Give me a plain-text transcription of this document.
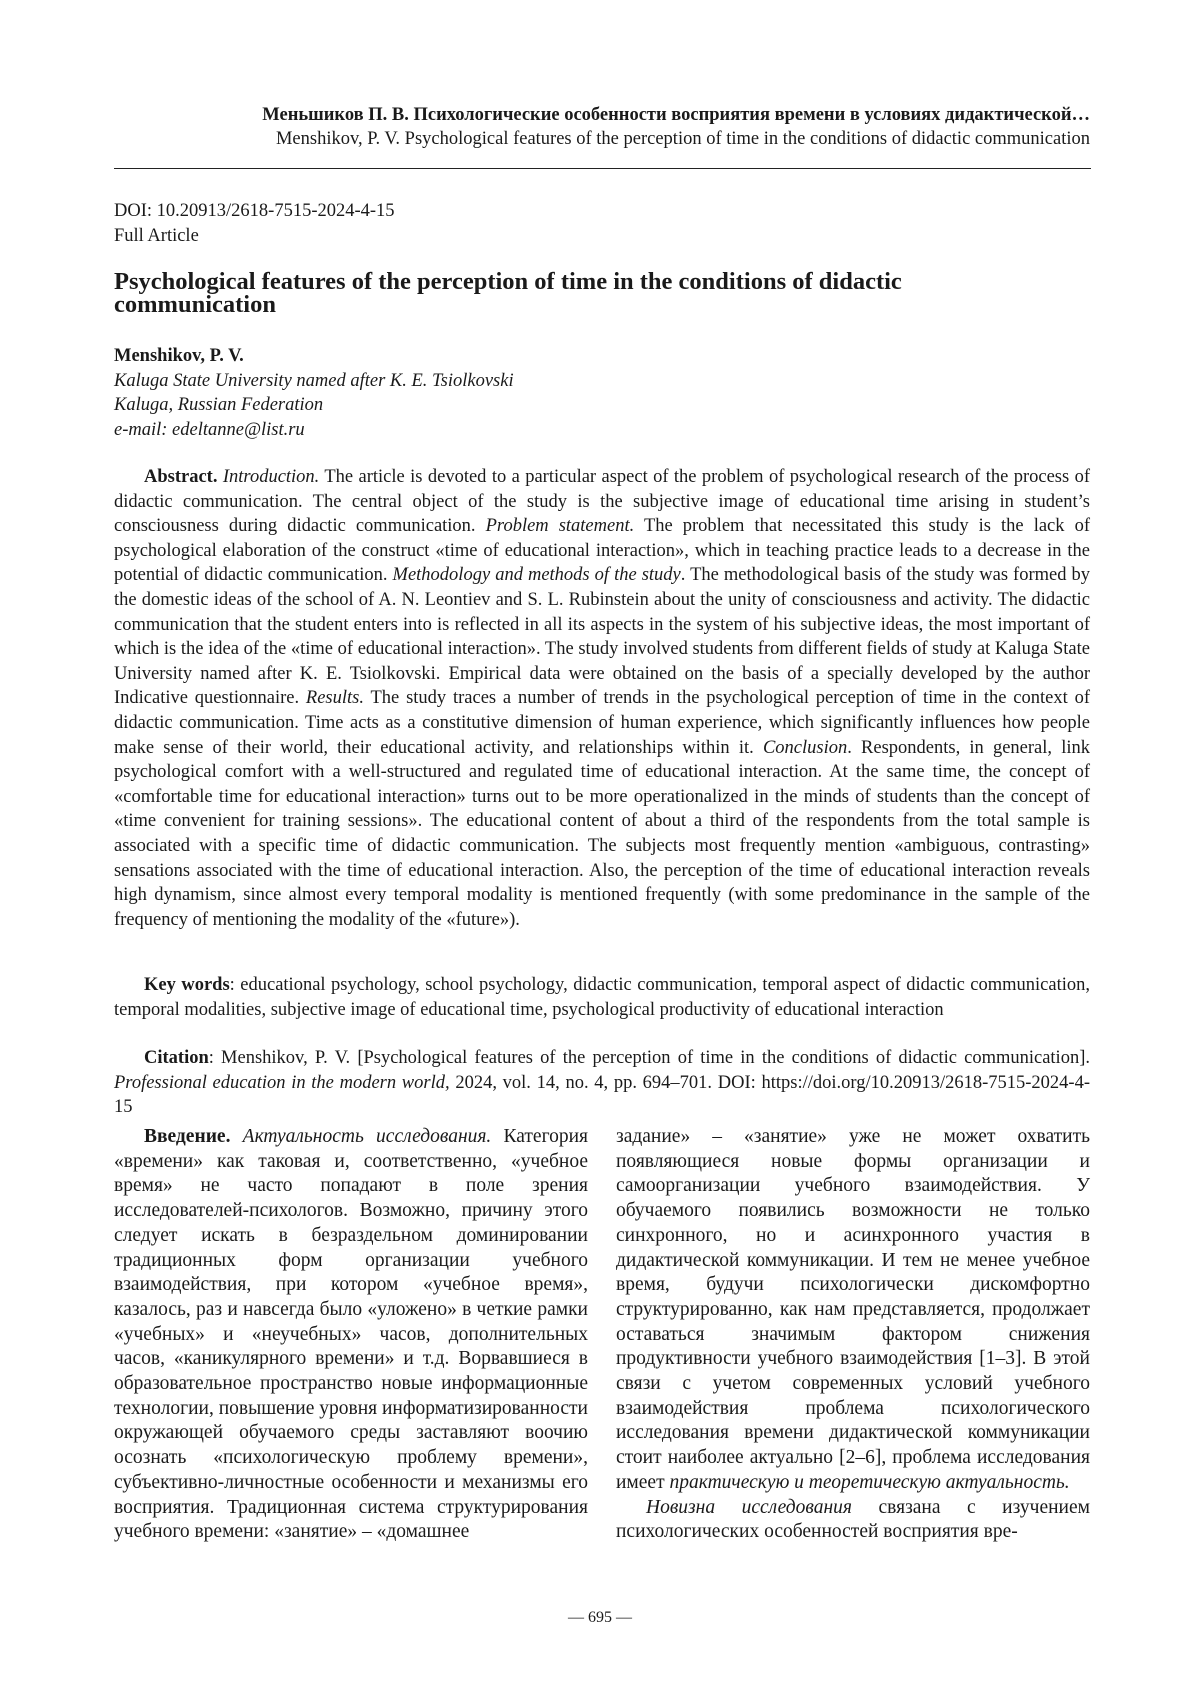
Меньшиков П. В. Психологические особенности восприятия времени в условиях дидактической…
Menshikov, P. V. Psychological features of the perception of time in the conditions of didactic communication
DOI: 10.20913/2618-7515-2024-4-15
Full Article
Psychological features of the perception of time in the conditions of didactic
communication
Menshikov, P. V.
Kaluga State University named after K. E. Tsiolkovski
Kaluga, Russian Federation
e-mail: edeltanne@list.ru

Abstract. Introduction. The article is devoted to a particular aspect of the problem of psychological research of the process of didactic communication. The central object of the study is the subjective image of educational time arising in student’s consciousness during didactic communication. Problem statement. The problem that necessitated this study is the lack of psychological elaboration of the construct «time of educational interaction», which in teaching practice leads to a decrease in the potential of didactic communication. Methodology and methods of the study. The methodological basis of the study was formed by the domestic ideas of the school of A. N. Leontiev and S. L. Rubinstein about the unity of consciousness and activity. The didactic communication that the student enters into is reflected in all its aspects in the system of his subjective ideas, the most important of which is the idea of the «time of educational interaction». The study involved students from different fields of study at Kaluga State University named after K. E. Tsiolkovski. Empirical data were obtained on the basis of a specially developed by the author Indicative questionnaire. Results. The study traces a number of trends in the psychological perception of time in the context of didactic communication. Time acts as a constitutive dimension of human experience, which significantly influences how people make sense of their world, their educational activity, and relationships within it. Conclusion. Respondents, in general, link psychological comfort with a well-structured and regulated time of educational interaction. At the same time, the concept of «comfortable time for educational interaction» turns out to be more operationalized in the minds of students than the concept of «time convenient for training sessions». The educational content of about a third of the respondents from the total sample is associated with a specific time of didactic communication. The subjects most frequently mention «ambiguous, contrasting» sensations associated with the time of educational interaction. Also, the perception of the time of educational interaction reveals high dynamism, since almost every temporal modality is mentioned frequently (with some predominance in the sample of the frequency of mentioning the modality of the «future»).

Key words: educational psychology, school psychology, didactic communication, temporal aspect of didactic communication, temporal modalities, subjective image of educational time, psychological productivity of educational interaction

Citation: Menshikov, P. V. [Psychological features of the perception of time in the conditions of didactic communication]. Professional education in the modern world, 2024, vol. 14, no. 4, pp. 694–701. DOI: https://doi.org/10.20913/2618-7515-2024-4-15

Введение. Актуальность исследования. Категория «времени» как таковая и, соответственно, «учебное время» не часто попадают в поле зрения исследователей-психологов. Возможно, причину этого следует искать в безраздельном доминировании традиционных форм организации учебного взаимодействия, при котором «учебное время», казалось, раз и навсегда было «уложено» в четкие рамки «учебных» и «неучебных» часов, дополнительных часов, «каникулярного времени» и т.д. Ворвавшиеся в образовательное пространство новые информационные технологии, повышение уровня информатизированности окружающей обучаемого среды заставляют воочию осознать «психологическую проблему времени», субъективно-личностные особенности и механизмы его восприятия. Традиционная система структурирования учебного времени: «занятие» – «домашнее

задание» – «занятие» уже не может охватить появляющиеся новые формы организации и самоорганизации учебного взаимодействия. У обучаемого появились возможности не только синхронного, но и асинхронного участия в дидактической коммуникации. И тем не менее учебное время, будучи психологически дискомфортно структурированно, как нам представляется, продолжает оставаться значимым фактором снижения продуктивности учебного взаимодействия [1–3]. В этой связи с учетом современных условий учебного взаимодействия проблема психологического исследования времени дидактической коммуникации стоит наиболее актуально [2–6], проблема исследования имеет практическую и теоретическую актуальность.

Новизна исследования связана с изучением психологических особенностей восприятия вре-

— 695 —
